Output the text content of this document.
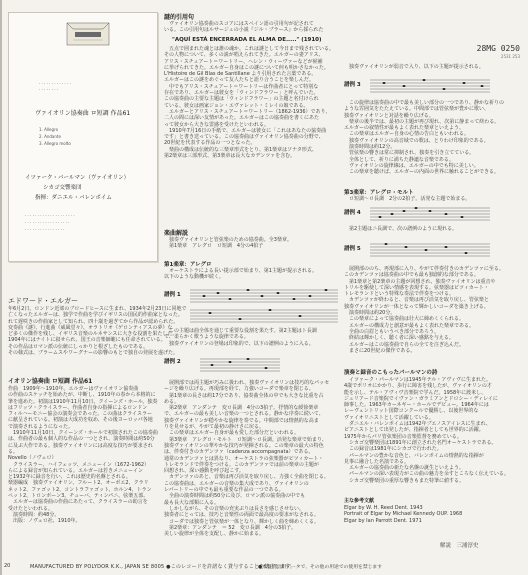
· · · · · · · · · · · · ·
· · · · · · · ·
ヴァイオリン協奏曲 ロ短調 作品61
1. Allegro
2. Andante
3. Allegro molto
イツァーク・パールマン（ヴァイオリン）
シカゴ交響楽団
指揮：ダニエル・バレンボイム
· · · · · · · · · · · · · · · · · · · ·
· · · · · · · · · · · · · · · · · ·
· · · · · · · · · · · · · · · ·
28MG 0250
2531 253
エドワード・エルガー
年6月2日、ロンドン近郊のブロードヒースに生まれ、1934年2月23日に同地で
亡くなったエルガーは、独学で作曲を学びイギリスの国民的作曲家となった。
れて遅咲きの作曲家として知られ、四十歳を過ぎてから作品が認められた。
変奏曲《謎》、行進曲《威風堂々》、オラトリオ《ゲロンティアスの夢》な
ど多くの傑作を残し、イギリス音楽のルネサンスに大きな役割を果たした。
1904年にはナイトに叙せられ、国王の音楽師範にも任命されている。
その作品はロマン派の伝統にしっかりと根ざしたものである。
その様式は、ブラームスやワーグナーの影響のもとで独自の発展を遂げた。
イオリン協奏曲 ロ短調 作品61
作曲　1909年〜1910年。エルガーはヴァイオリン協奏曲
の作曲のスケッチを始めたが、中断し、1910年の春から本格的に
筆を進めた。初演は1910年11月10日、クイーンズ・ホール。独奏
はフリッツ・クライスラー、作曲者自身の指揮によるロンドン
フィルハーモニー協会の演奏会であった。この曲はクライスラー
に献呈されている。初演は大成功を収め、その後ヨーロッパ各地
で演奏されるようになった。
　1910年11月10日、クイーンズ・ホールで初演されたこの協奏曲
は、作曲者の最も個人的な作品の一つとされ、演奏時間は約50分
に及ぶ大作である。独奏ヴァイオリンには高度な技巧が要求され
る。
Novello（ノヴェロ）
　クライスラー、ハイフェッツ、メニューイン（1672-1962）
らによる録音が知られている。エルガーは若きメニューイン
と1932年に録音を行い、これは歴史的名盤とされる。
楽器編成　独奏ヴァイオリン、フルート2、オーボエ2、クラリ
ネット2、ファゴット2、コントラファゴット、ホルン4、トラン
ペット2、トロンボーン3、チューバ、ティンパニ、弦楽五部。
　エルガーは協奏曲の作曲にあたって、クライスラーの助言を
受けたといわれる。
　演奏時間：約48分。
　出版：ノヴェロ社、1910年。
謎的引用句
　ヴァイオリン協奏曲のスコアにはスペイン語の引用句が記されて
いる。この引用句はルサージュの小説『ジル・ブラース』から採られた
"AQUÍ ESTÁ ENCERRADA EL ALMA DE....." (1910)
　五点で囲まれた魂とは誰の魂か。これは謎として今日まで残されている。
その人物について、多くの説が唱えられてきた。エルガーの妻アリス、
アリス・スチュアート＝ワートリー、ヘレン・ウィーヴァーなどが候補
に挙げられてきた。エルガー自身はこの謎について何も明かさなかった。
L'Histoire de Gil Blas de Santillane より引用された言葉である。
エルガーはこの謎をめぐって友人たちと語り合うことを楽しんだ。
　中でもアリス・スチュアート＝ワートリーは作曲者にとって特別な
存在であり、エルガーは彼女を「ウィンドフラワー」と呼んでいた。
この協奏曲の主要な主題は「ウィンドフラワー」の主題と名付けられ
ている。彼女は画家ジョン・エヴァレット・ミレイの娘である。
　エルガーとアリス・スチュアート＝ワートリー（1862-1936）であり、
二人の間には深い友情があった。エルガーはこの協奏曲を書くにあた
って彼女から大きな霊感を受けたといわれる。
　1910年7月16日の手紙で、エルガーは彼女に「これはあなたの協奏曲
です」と書き送っている。この協奏曲はヴァイオリン協奏曲の分野で、
20世紀を代表する作品の一つとなった。
　楽曲の構成は伝統的な三楽章形式をとり、第1楽章はソナタ形式、
第2楽章は三部形式、第3楽章は長大なカデンツァを含む。
楽曲解説
　独奏ヴァイオリンと管弦楽のための協奏曲。全3楽章。
　第1楽章　アレグロ　ロ短調　4分の4拍子
第1楽章：アレグロ
　オーケストラによる長い提示部で始まり、第1主題が提示される。
以下のような動機が続く。
譜例 1
　この主題は曲全体を通じて重要な役割を果たす。第2主題はト長調
で、柔らかく歌うような旋律である。
　独奏ヴァイオリンの登場は印象的で、以下の譜例のように入る。
譜例 2
　展開部では両主題が巧みに扱われ、独奏ヴァイオリンは技巧的なパッセ
ージを繰り広げる。再現部を経て、力強いコーダで楽章を閉じる。
　第1楽章の長さは約17分であり、協奏曲全体の中でも大きな比重を占
める。
　第2楽章　アンダンテ　変ロ長調　4分の3拍子。抒情的な緩徐楽章
で、エルガーの最も美しい音楽の一つとされる。静かな序奏に続いて、
独奏ヴァイオリンが穏やかな旋律を奏でる。中間部では情熱的な高ま
りを見せるが、やがて最初の静けさに戻る。
　この楽章はエルガー自身が最も愛した部分だといわれる。
　第3楽章　アレグロ・モルト　ロ短調〜ロ長調。活発な楽章で始まり、
独奏ヴァイオリンの華やかな技巧が発揮される。この楽章の最大の特色
は、伴奏付きのカデンツァ（cadenza accompagnata）である。
通常のカデンツァとは異なり、オーケストラの弦楽器がピツィカート・
トレモランドで伴奏をつける。このカデンツァでは前の楽章の主題が
回想され、深い感動を呼び起こす。
　カデンツァのあと、音楽は再び活気を取り戻し、力強く全曲を閉じる。
この協奏曲は、エルガーの音楽の集大成であり、ヴァイオリンの
レパートリーの中でも最も重要な作品の一つである。
　全曲の演奏時間は約50分に及び、ロマン派の協奏曲の中でも
最も長大な部類に入る。
　しかしながら、その音楽の充実ぶりは長さを感じさせない。
独奏者にとっては、技巧と音楽性の両面で最高度の要求がなされる。
　コーダでは独奏と管弦楽が一体となり、輝かしく曲を締めくくる。
　第2楽章：アンダンテ　＝ 52　変ロ長調　4分の3拍子。
美しい旋律が全体を支配し、静かに始まる。
　独奏ヴァイオリンが弱音で入り、以下の主題が提示される。
譜例 3
　この旋律は協奏曲の中で最も美しい部分の一つであり、静かな祈りの
ような雰囲気をたたえている。中間部では管弦楽が豊かに歌い、
独奏ヴァイオリンと対話を繰り広げる。
　楽章の後半では、最初の主題が再び現れ、次第に静まって終わる。
エルガーの叙情性が最もよく表れた楽章といえよう。
　この楽章はエルガー自身の心情の告白ともいわれる。
　独奏ヴァイオリンの高音域での歌は、とりわけ印象的である。
　演奏時間は約12分。
　管弦楽の響きは常に抑制され、独奏を引き立てている。
　全体として、祈りに満ちた静謐な音楽である。
　ヴァイオリンの旋律線は、エルガーの中でも特に美しい。
　この楽章を聴けば、エルガーの内面の世界に触れることができる。
第3楽章：アレグロ・モルト
　ロ短調〜ロ長調　2分の2拍子。活発な主題で始まる。
譜例 4
　第2主題はニ長調で、次の譜例のように現れる。
譜例 5
　展開部ののち、再現部に入り、やがて伴奏付きのカデンツァに至る。
このカデンツァは協奏曲の中でも最も独創的な部分である。
　第1楽章と第2楽章の主題が回想され、独奏ヴァイオリンは重音や
トリルを駆使して深い情感を表現する。弦楽器はピツィカート・
トレモランドという特殊な奏法で伴奏をつける。
　カデンツァが終わると、音楽は再び活気を取り戻し、管弦楽と
独奏ヴァイオリンが一体となって輝かしいコーダを築き上げる。
　演奏時間は約20分。
　この楽章によって協奏曲は壮大に締めくくられる。
　エルガーの構成力と創意が最もよく表れた楽章である。
　全曲の白眉ともいうべき部分であろう。
　終結は輝かしく、聴く者に深い感銘を与える。
　エルガーはこの協奏曲で自らの全てを注ぎ込んだ。
　まさに20世紀の傑作である。
演奏と録音のこもったパールマンの詩
　イツァーク・パールマンは1945年テル・アヴィヴに生まれた。
4歳でポリオにかかり、歩行に障害を残したが、ヴァイオリンの才
能を示し、テル・アヴィヴ音楽院で学んだ。1958年に渡米し、
ジュリアード音楽院でイヴァン・ガラミアンとドロシー・ディレイに
師事した。1963年カーネギー・ホールでデビュー。1964年には
レーヴェントリット国際コンクールで優勝し、以後世界的な
ヴァイオリニストとして活躍している。
　ダニエル・バレンボイムは1942年ブエノスアイレスに生まれ、
ピアニストとして出発したが、指揮者としても世界的に活躍。
1975年からパリ管弦楽団の音楽監督を務めている。
　シカゴ交響楽団は1891年に創立された名門オーケストラである。
　この録音は1981年にシカゴで行われた。
　パールマンの豊かな音色と、バレンボイムの情熱的な指揮が
見事に融合した名演である。
　エルガーの協奏曲の新たな名盤の誕生といえよう。
　パールマンの深い表現力がこの曲の魅力を余すところなく伝えている。
　シカゴ交響楽団の重厚な響きもまた特筆に値する。
主な参考文献
Elgar by W. H. Reed Dent. 1943
Portrait of Elgar by Michael Kennedy OUP. 1968
Elgar by Ian Parrott Dent. 1971
解説　三浦淳史
20	MANUFACTURED BY POLYDOR K.K., JAPAN SE 8005 ●このレコードを許諾なく貸与することを禁止します。
●本盤貸出用データで、その他の用途での使用を禁じます
